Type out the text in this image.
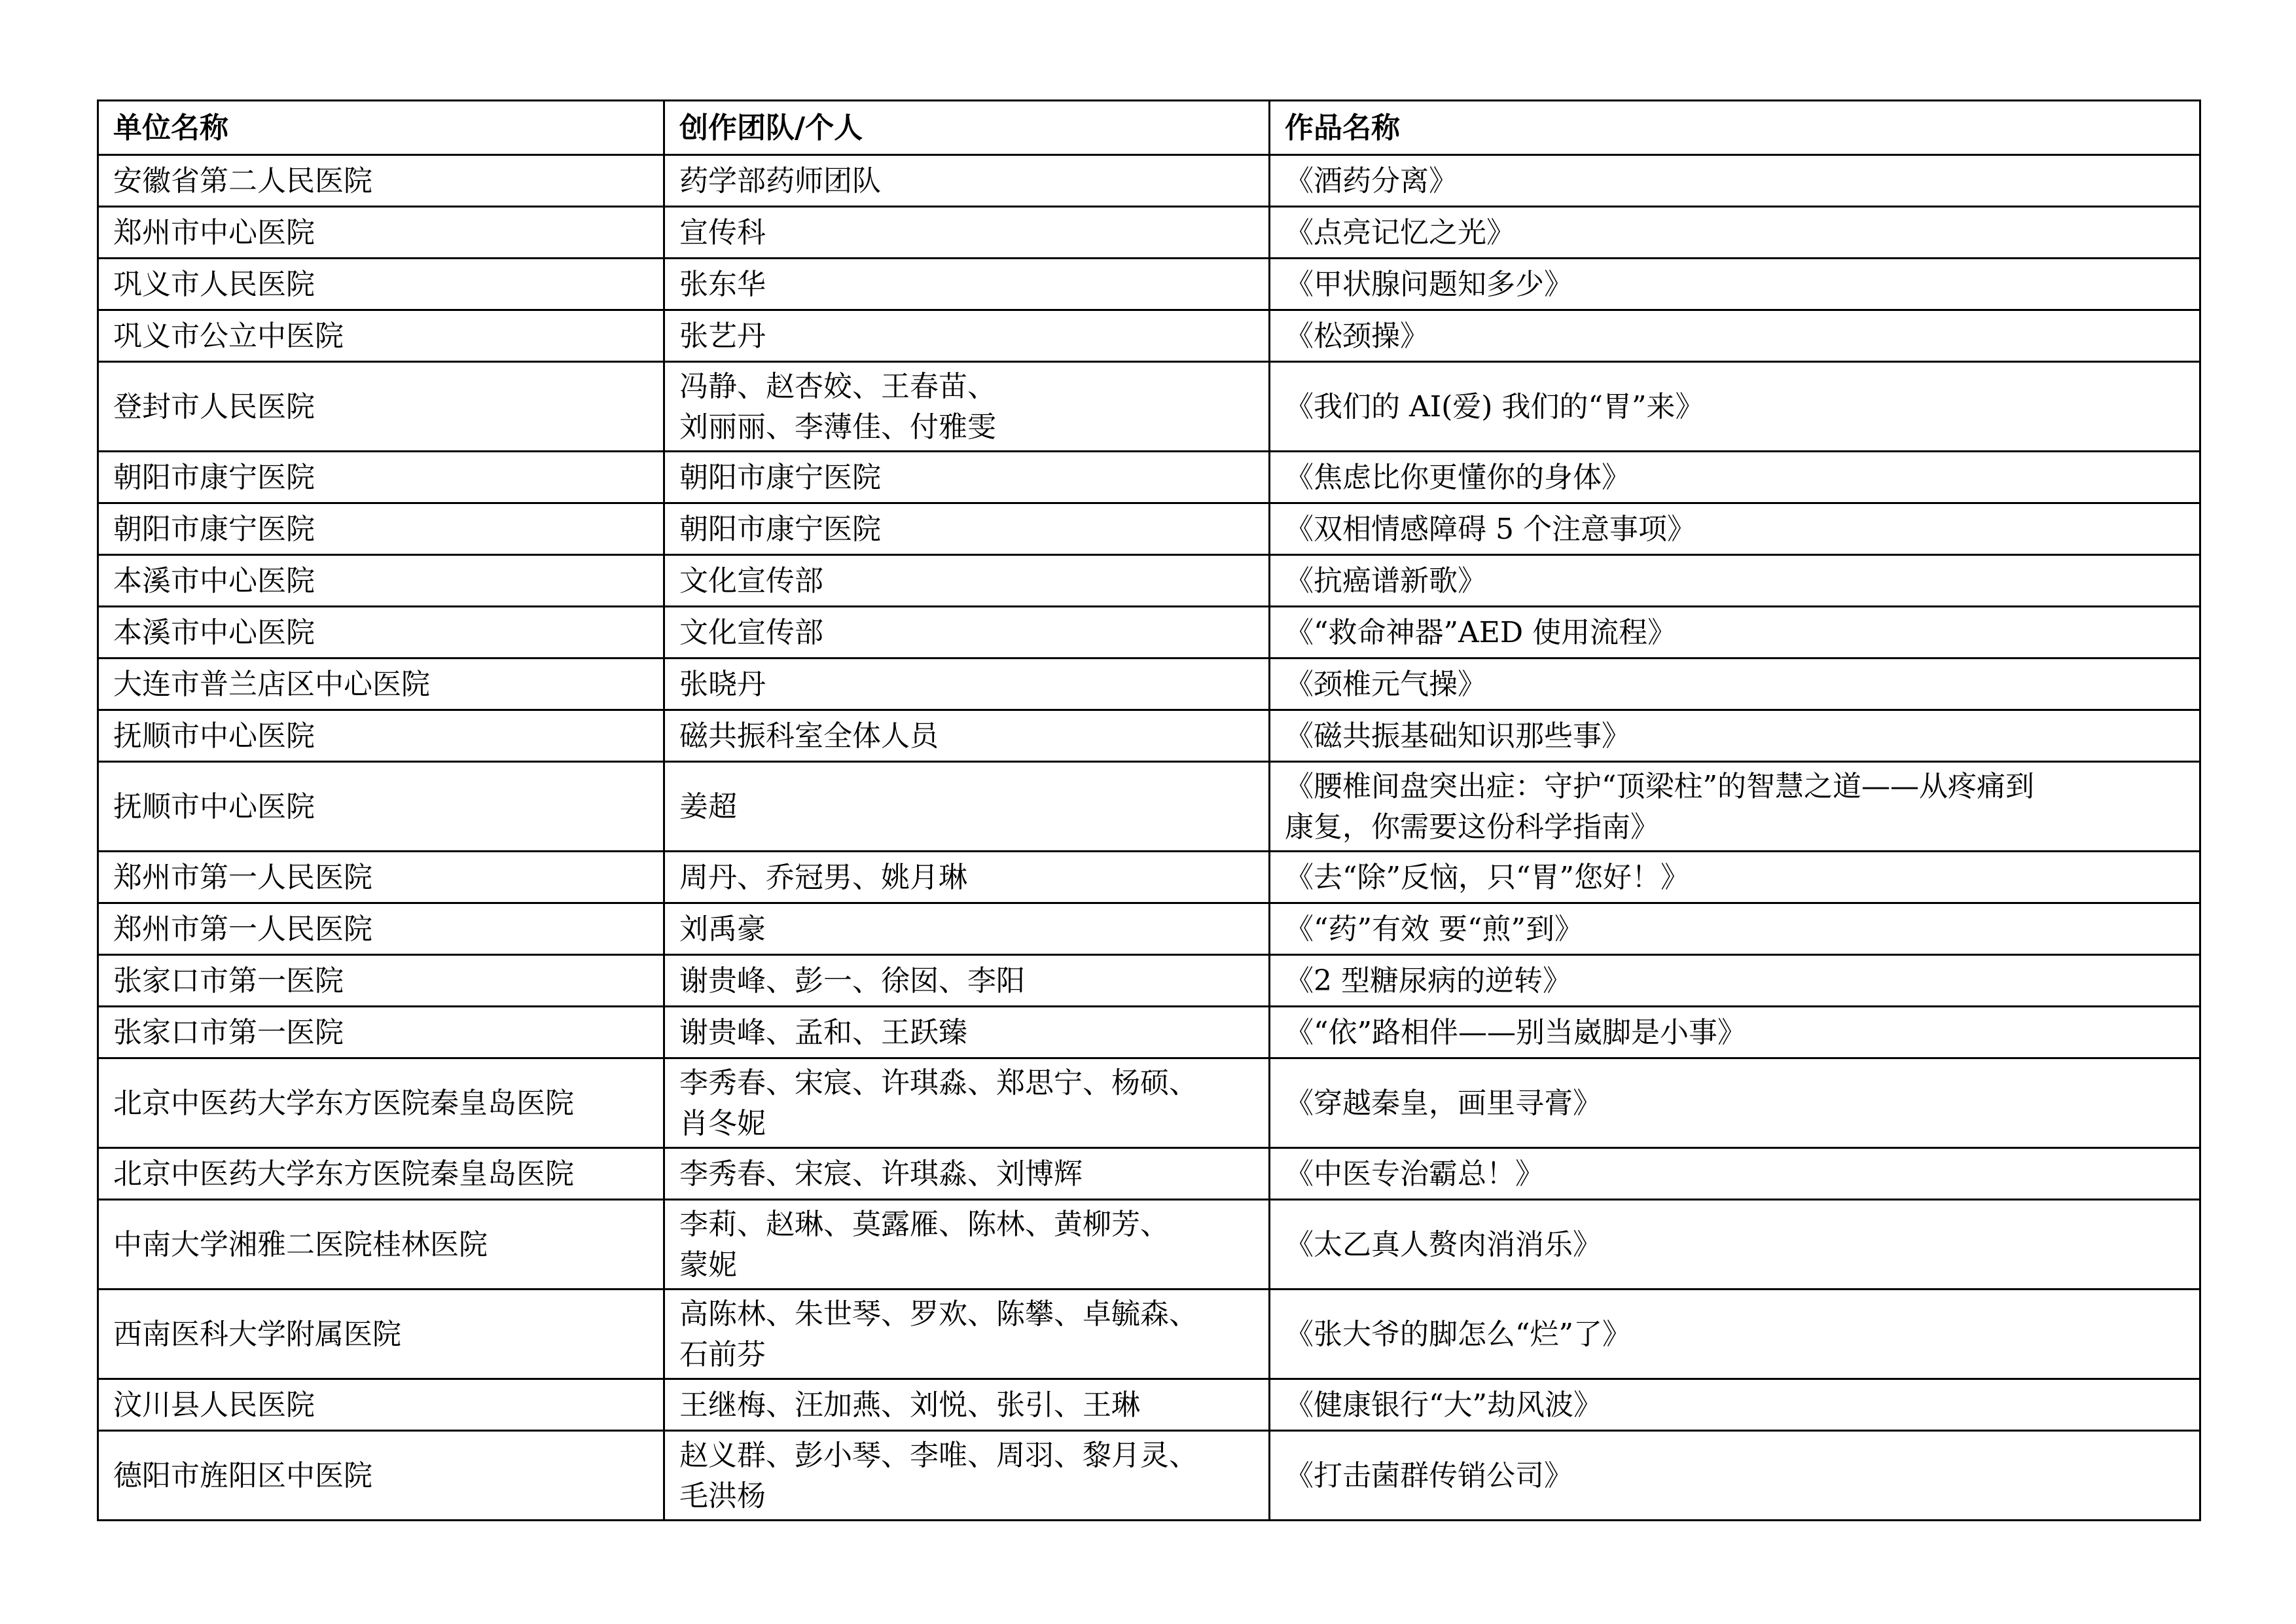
单位名称	创作团队/个人	作品名称
安徽省第二人民医院	药学部药师团队	《酒药分离》
郑州市中心医院	宣传科	《点亮记忆之光》
巩义市人民医院	张东华	《甲状腺问题知多少》
巩义市公立中医院	张艺丹	《松颈操》
登封市人民医院	冯静、赵杏姣、王春苗、
刘丽丽、李薄佳、付雅雯	《我们的 AI(爱) 我们的“胃”来》
朝阳市康宁医院	朝阳市康宁医院	《焦虑比你更懂你的身体》
朝阳市康宁医院	朝阳市康宁医院	《双相情感障碍 5 个注意事项》
本溪市中心医院	文化宣传部	《抗癌谱新歌》
本溪市中心医院	文化宣传部	《“救命神器”AED 使用流程》
大连市普兰店区中心医院	张晓丹	《颈椎元气操》
抚顺市中心医院	磁共振科室全体人员	《磁共振基础知识那些事》
抚顺市中心医院	姜超	《腰椎间盘突出症：守护“顶梁柱”的智慧之道——从疼痛到
康复，你需要这份科学指南》
郑州市第一人民医院	周丹、乔冠男、姚月琳	《去“除”反恼，只“胃”您好！》
郑州市第一人民医院	刘禹豪	《“药”有效 要“煎”到》
张家口市第一医院	谢贵峰、彭一、徐囡、李阳	《2 型糖尿病的逆转》
张家口市第一医院	谢贵峰、孟和、王跃臻	《“依”路相伴——别当崴脚是小事》
北京中医药大学东方医院秦皇岛医院	李秀春、宋宸、许琪淼、郑思宁、杨硕、
肖冬妮	《穿越秦皇，画里寻膏》
北京中医药大学东方医院秦皇岛医院	李秀春、宋宸、许琪淼、刘博辉	《中医专治霸总！》
中南大学湘雅二医院桂林医院	李莉、赵琳、莫露雁、陈林、黄柳芳、
蒙妮	《太乙真人赘肉消消乐》
西南医科大学附属医院	高陈林、朱世琴、罗欢、陈攀、卓毓森、
石前芬	《张大爷的脚怎么“烂”了》
汶川县人民医院	王继梅、汪加燕、刘悦、张引、王琳	《健康银行“大”劫风波》
德阳市旌阳区中医院	赵义群、彭小琴、李唯、周羽、黎月灵、
毛洪杨	《打击菌群传销公司》
